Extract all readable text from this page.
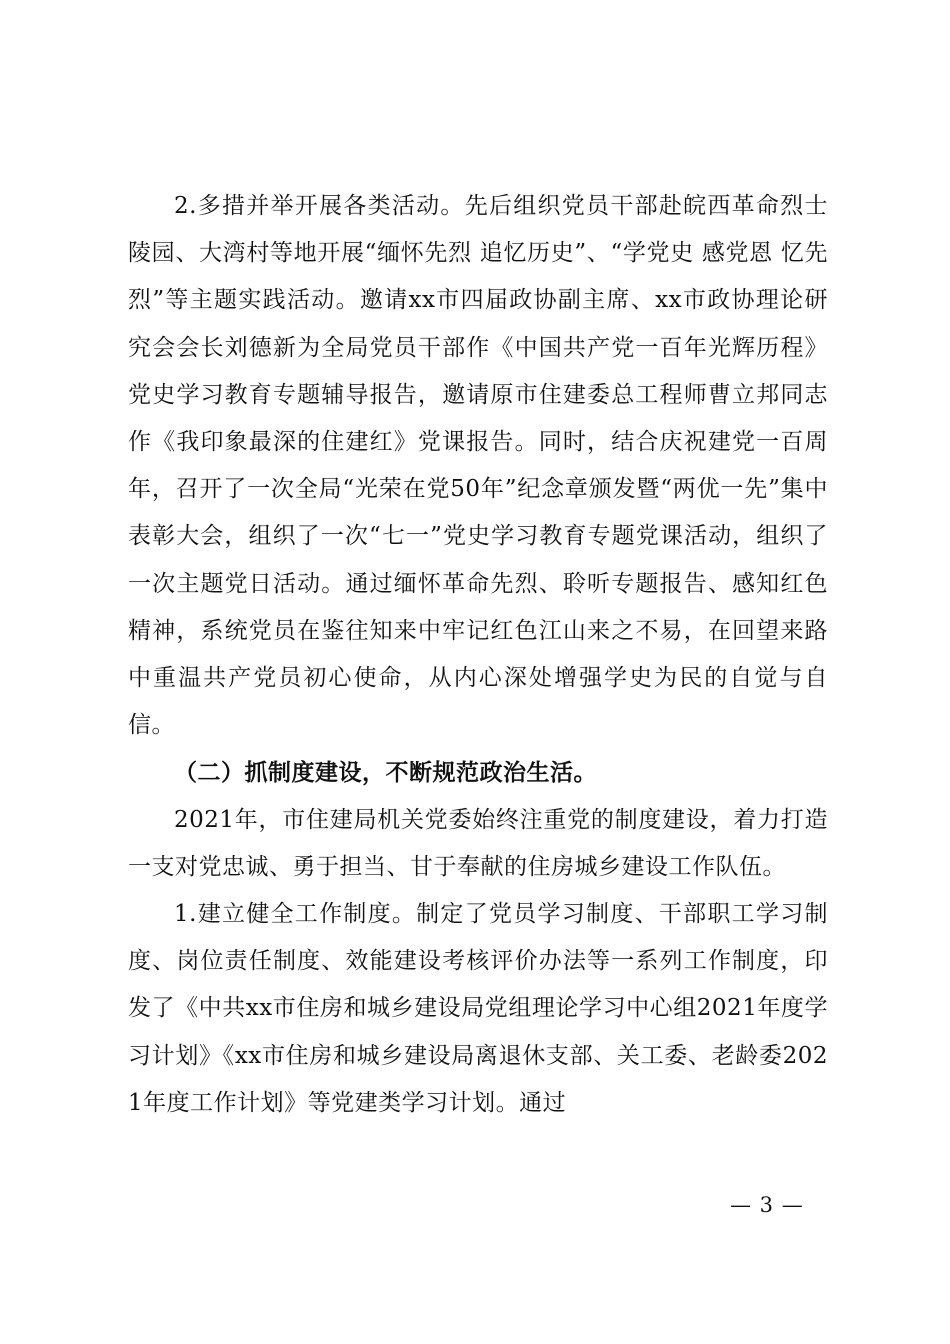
2.多措并举开展各类活动。先后组织党员干部赴皖西革命烈士陵园、大湾村等地开展“缅怀先烈 追忆历史”、“学党史 感党恩 忆先烈”等主题实践活动。邀请xx市四届政协副主席、xx市政协理论研究会会长刘德新为全局党员干部作《中国共产党一百年光辉历程》党史学习教育专题辅导报告，邀请原市住建委总工程师曹立邦同志作《我印象最深的住建红》党课报告。同时，结合庆祝建党一百周年，召开了一次全局“光荣在党50年”纪念章颁发暨“两优一先”集中表彰大会，组织了一次“七一”党史学习教育专题党课活动，组织了一次主题党日活动。通过缅怀革命先烈、聆听专题报告、感知红色精神，系统党员在鉴往知来中牢记红色江山来之不易，在回望来路中重温共产党员初心使命，从内心深处增强学史为民的自觉与自信。

（二）抓制度建设，不断规范政治生活。

2021年，市住建局机关党委始终注重党的制度建设，着力打造一支对党忠诚、勇于担当、甘于奉献的住房城乡建设工作队伍。

1.建立健全工作制度。制定了党员学习制度、干部职工学习制度、岗位责任制度、效能建设考核评价办法等一系列工作制度，印发了《中共xx市住房和城乡建设局党组理论学习中心组2021年度学习计划》《xx市住房和城乡建设局离退休支部、关工委、老龄委2021年度工作计划》等党建类学习计划。通过

— 3 —
